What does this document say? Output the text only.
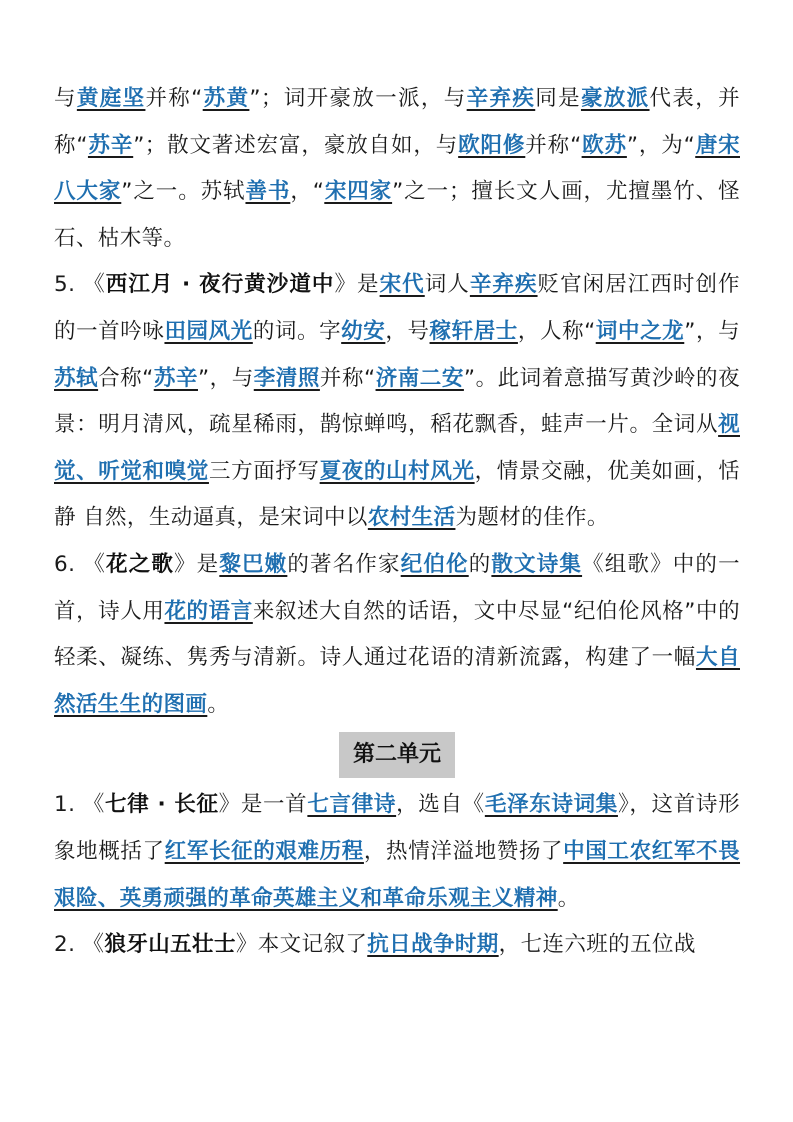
与黄庭坚并称“苏黄”；词开豪放一派，与辛弃疾同是豪放派代表，并称“苏辛”；散文著述宏富，豪放自如，与欧阳修并称“欧苏”，为“唐宋八大家”之一。苏轼善书，“宋四家”之一；擅长文人画，尤擅墨竹、怪石、枯木等。

5. 《西江月 · 夜行黄沙道中》是宋代词人辛弃疾贬官闲居江西时创作的一首吟咏田园风光的词。字幼安，号稼轩居士，人称“词中之龙”，与苏轼合称“苏辛”，与李清照并称“济南二安”。此词着意描写黄沙岭的夜景：明月清风，疏星稀雨，鹊惊蝉鸣，稻花飘香，蛙声一片。全词从视觉、听觉和嗅觉三方面抒写夏夜的山村风光，情景交融，优美如画，恬静 自然，生动逼真，是宋词中以农村生活为题材的佳作。

6. 《花之歌》是黎巴嫩的著名作家纪伯伦的散文诗集《组歌》中的一首，诗人用花的语言来叙述大自然的话语，文中尽显“纪伯伦风格”中的轻柔、凝练、隽秀与清新。诗人通过花语的清新流露，构建了一幅大自然活生生的图画。

第二单元

1. 《七律 · 长征》是一首七言律诗，选自《毛泽东诗词集》，这首诗形象地概括了红军长征的艰难历程，热情洋溢地赞扬了中国工农红军不畏艰险、英勇顽强的革命英雄主义和革命乐观主义精神。

2. 《狼牙山五壮士》本文记叙了抗日战争时期，七连六班的五位战
